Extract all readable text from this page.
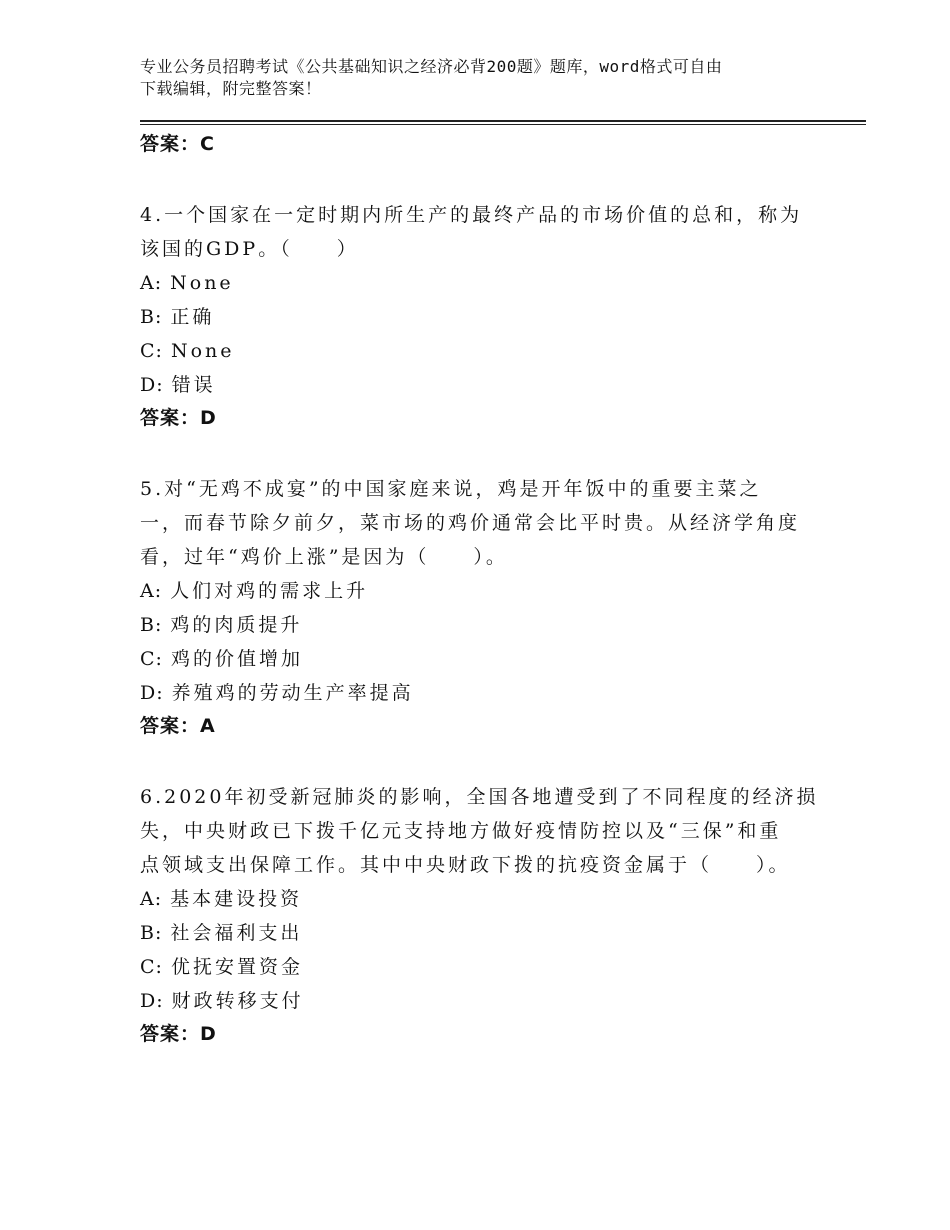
专业公务员招聘考试《公共基础知识之经济必背200题》题库，word格式可自由
下载编辑，附完整答案！
答案：C
4.一个国家在一定时期内所生产的最终产品的市场价值的总和，称为
该国的GDP。（　　）
A: None
B: 正确
C: None
D: 错误
答案：D
5.对“无鸡不成宴”的中国家庭来说，鸡是开年饭中的重要主菜之
一，而春节除夕前夕，菜市场的鸡价通常会比平时贵。从经济学角度
看，过年“鸡价上涨”是因为（　　）。
A: 人们对鸡的需求上升
B: 鸡的肉质提升
C: 鸡的价值增加
D: 养殖鸡的劳动生产率提高
答案：A
6.2020年初受新冠肺炎的影响，全国各地遭受到了不同程度的经济损
失，中央财政已下拨千亿元支持地方做好疫情防控以及“三保”和重
点领域支出保障工作。其中中央财政下拨的抗疫资金属于（　　）。
A: 基本建设投资
B: 社会福利支出
C: 优抚安置资金
D: 财政转移支付
答案：D
